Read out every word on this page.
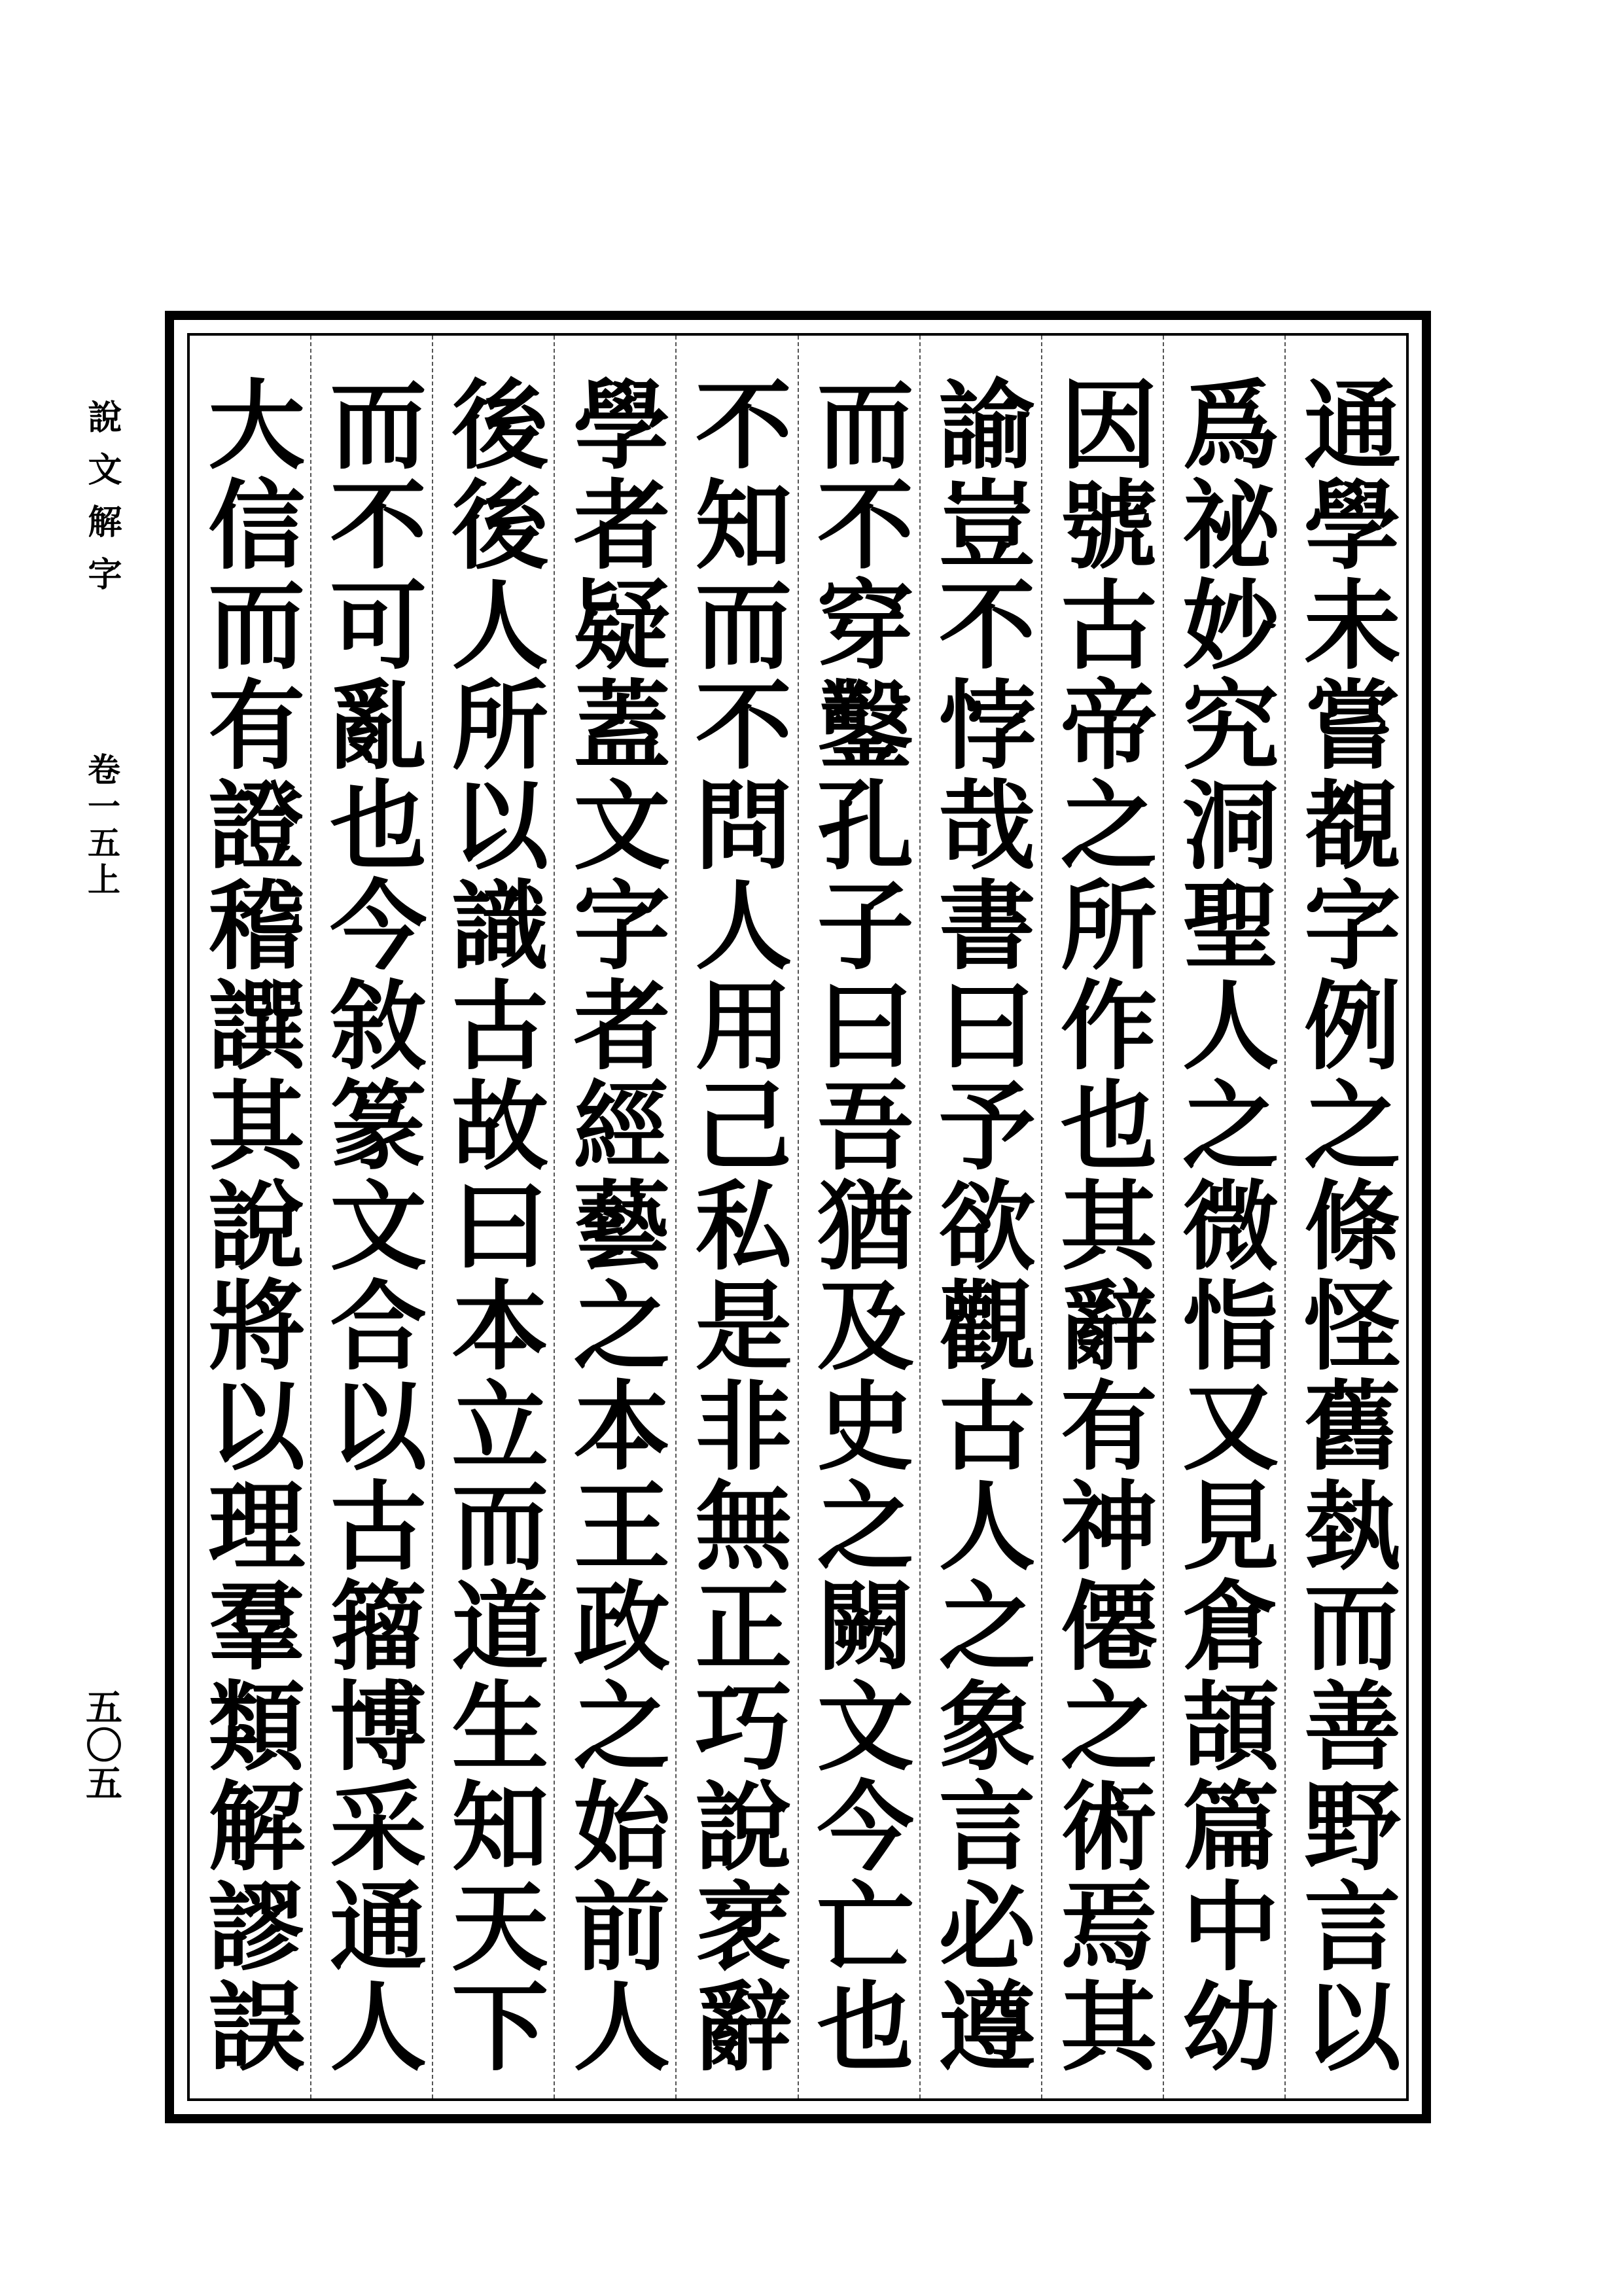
說文解字
卷一五上
五〇五
通學未嘗覩字例之條怪舊埶而善野言以
爲祕妙究洞聖人之微恉又見倉頡篇中幼
因號古帝之所作也其辭有神僊之術焉其
諭豈不悖哉書曰予欲觀古人之象言必遵
而不穿鑿孔子曰吾猶及史之闕文今亡也
不知而不問人用己私是非無正巧說衺辭
學者疑蓋文字者經藝之本王政之始前人
後後人所以識古故曰本立而道生知天下
而不可亂也今敘篆文合以古籀博采通人
大信而有證稽譔其說將以理羣類解謬誤
